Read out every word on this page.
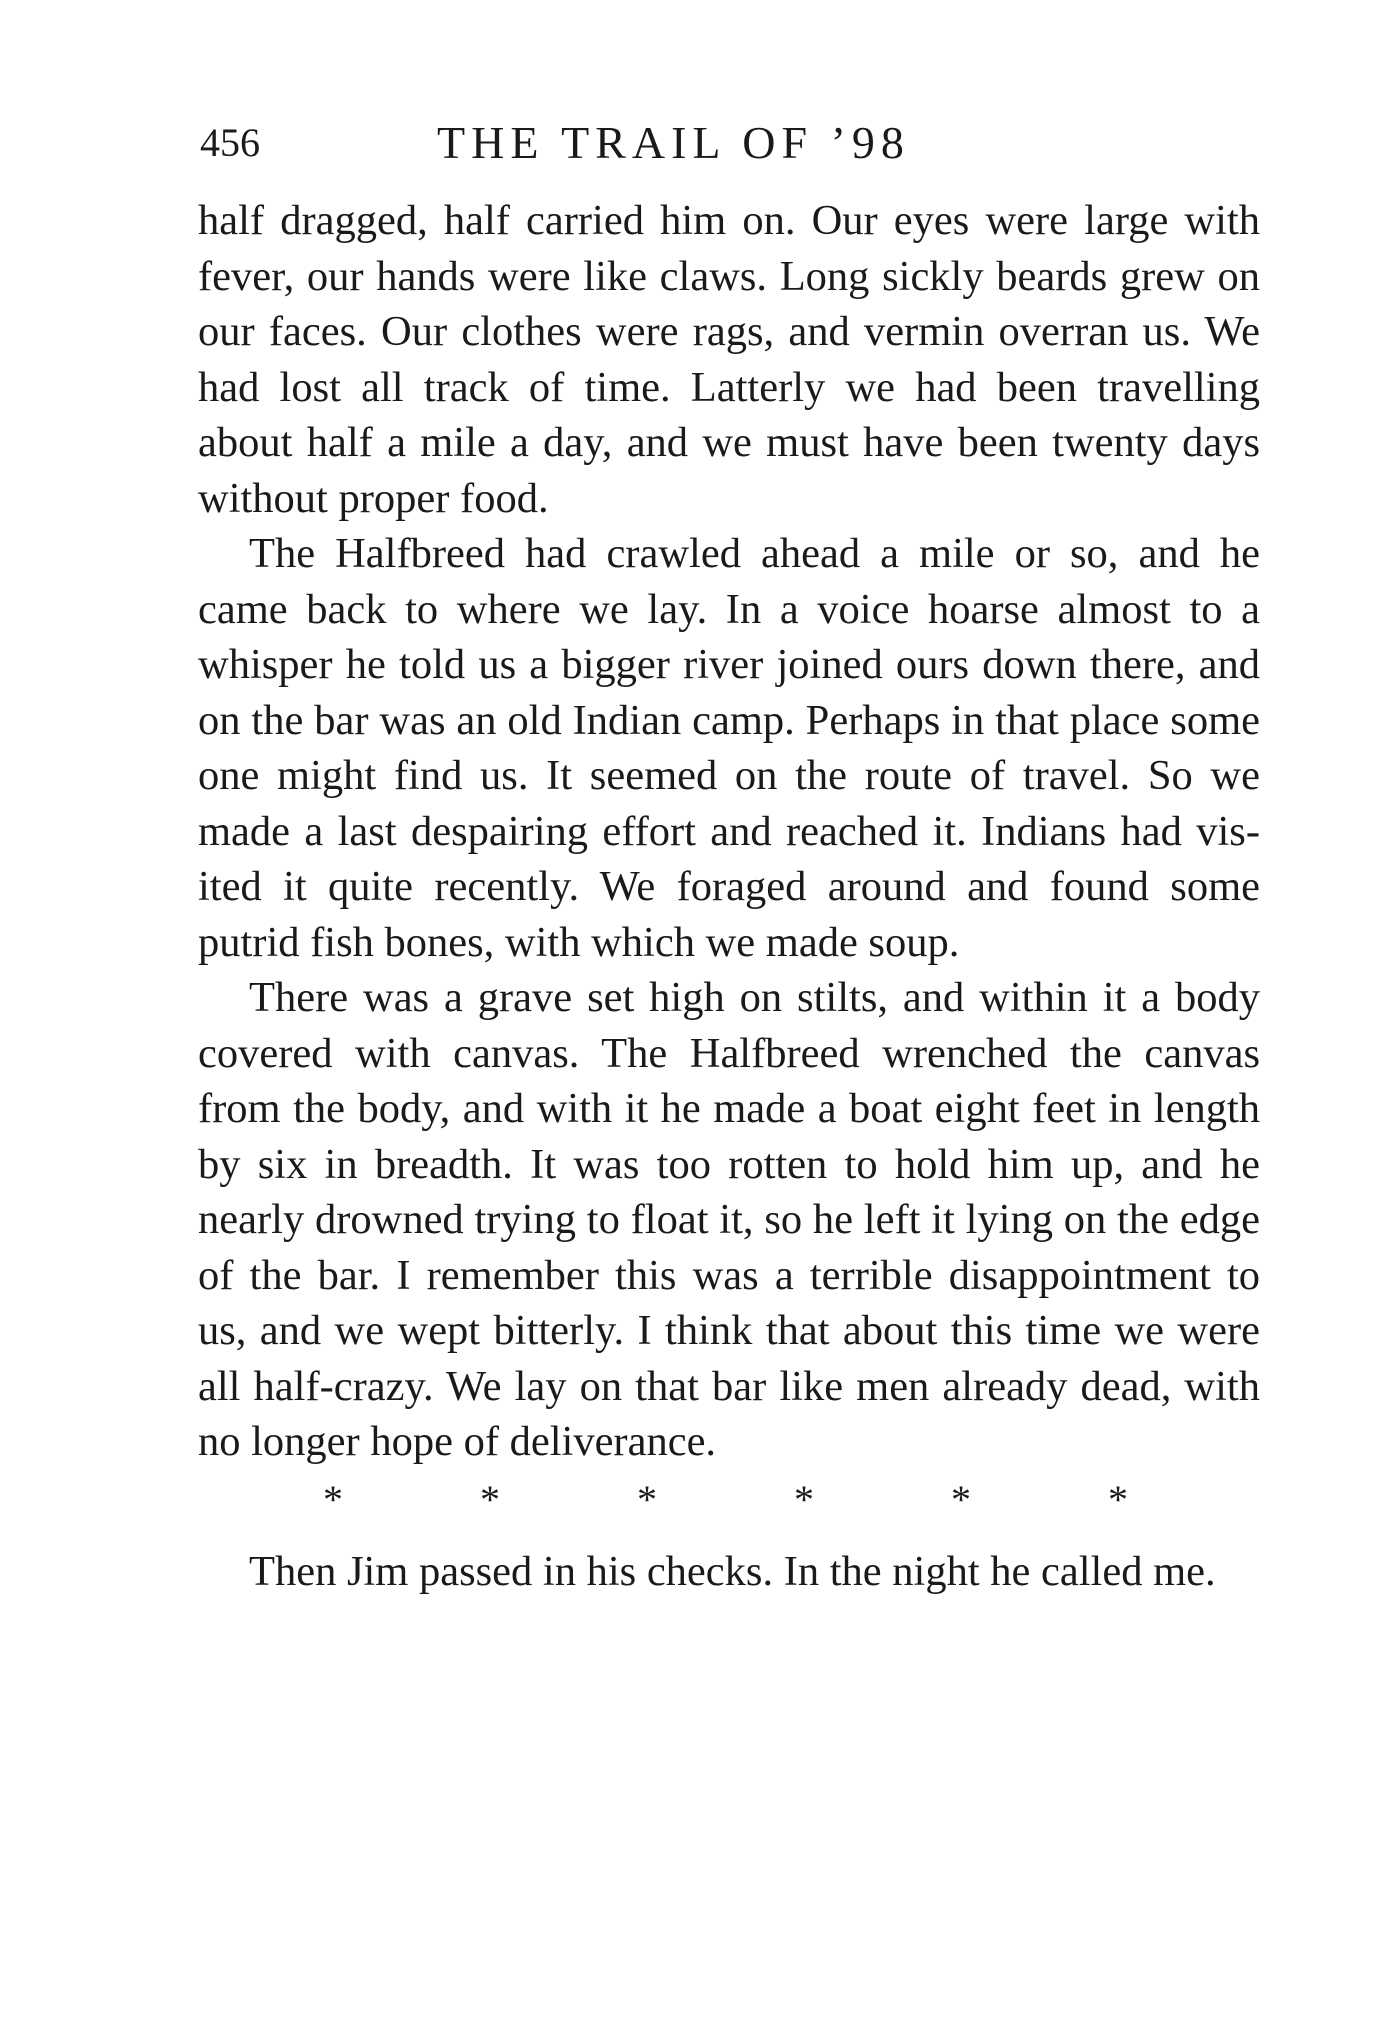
456	THE TRAIL OF ’98

half dragged, half carried him on. Our eyes were large with fever, our hands were like claws. Long sickly beards grew on our faces. Our clothes were rags, and vermin overran us. We had lost all track of time. Latterly we had been travelling about half a mile a day, and we must have been twenty days without proper food.

The Halfbreed had crawled ahead a mile or so, and he came back to where we lay. In a voice hoarse almost to a whisper he told us a bigger river joined ours down there, and on the bar was an old Indian camp. Perhaps in that place some one might find us. It seemed on the route of travel. So we made a last despairing effort and reached it. Indians had visited it quite recently. We foraged around and found some putrid fish bones, with which we made soup.

There was a grave set high on stilts, and within it a body covered with canvas. The Halfbreed wrenched the canvas from the body, and with it he made a boat eight feet in length by six in breadth. It was too rotten to hold him up, and he nearly drowned trying to float it, so he left it lying on the edge of the bar. I remember this was a terrible disappointment to us, and we wept bitterly. I think that about this time we were all half-crazy. We lay on that bar like men already dead, with no longer hope of deliverance.

*	*	*	*	*	*

Then Jim passed in his checks. In the night he called me.
